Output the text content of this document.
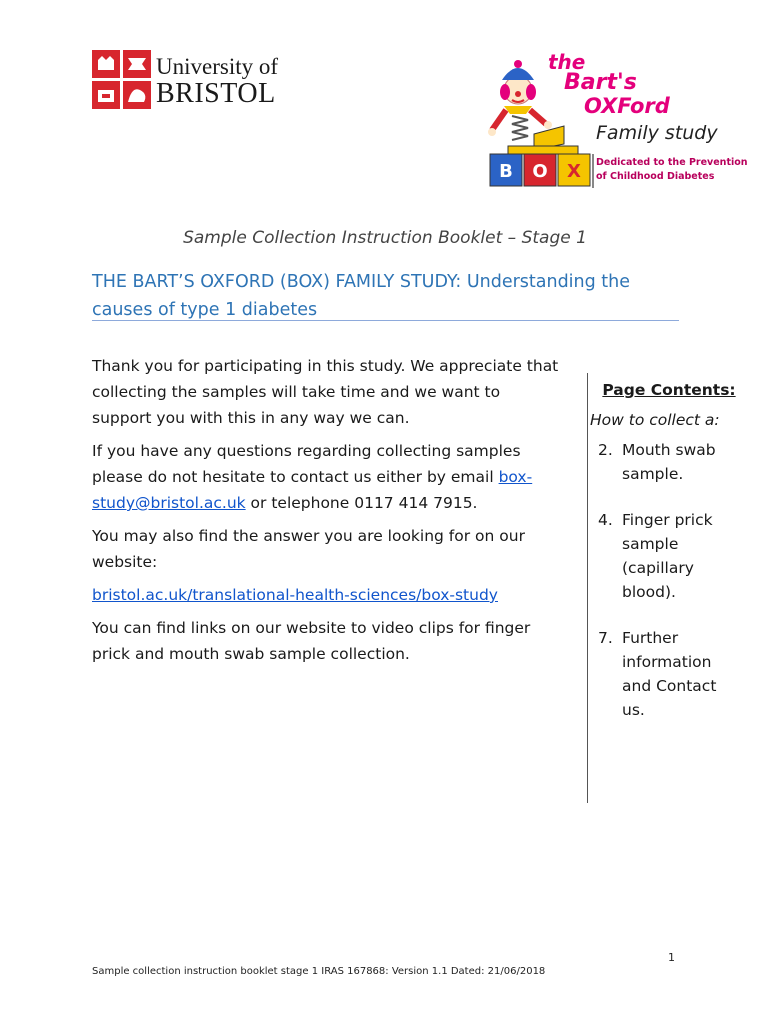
University of
BRISTOL
B O X
the
Bart's
OXFord
Family study
Dedicated to the Prevention
of Childhood Diabetes
Sample Collection Instruction Booklet – Stage 1
THE BART’S OXFORD (BOX) FAMILY STUDY: Understanding the causes of type 1 diabetes

Thank you for participating in this study. We appreciate that collecting the samples will take time and we want to support you with this in any way we can.

If you have any questions regarding collecting samples please do not hesitate to contact us either by email box-study@bristol.ac.uk or telephone 0117 414 7915.

You may also find the answer you are looking for on our website:

bristol.ac.uk/translational-health-sciences/box-study

You can find links on our website to video clips for finger prick and mouth swab sample collection.

Page Contents:
How to collect a:
2. Mouth swab sample.
4. Finger prick sample (capillary blood).
7. Further information and Contact us.
1
Sample collection instruction booklet stage 1 IRAS 167868: Version 1.1 Dated: 21/06/2018
